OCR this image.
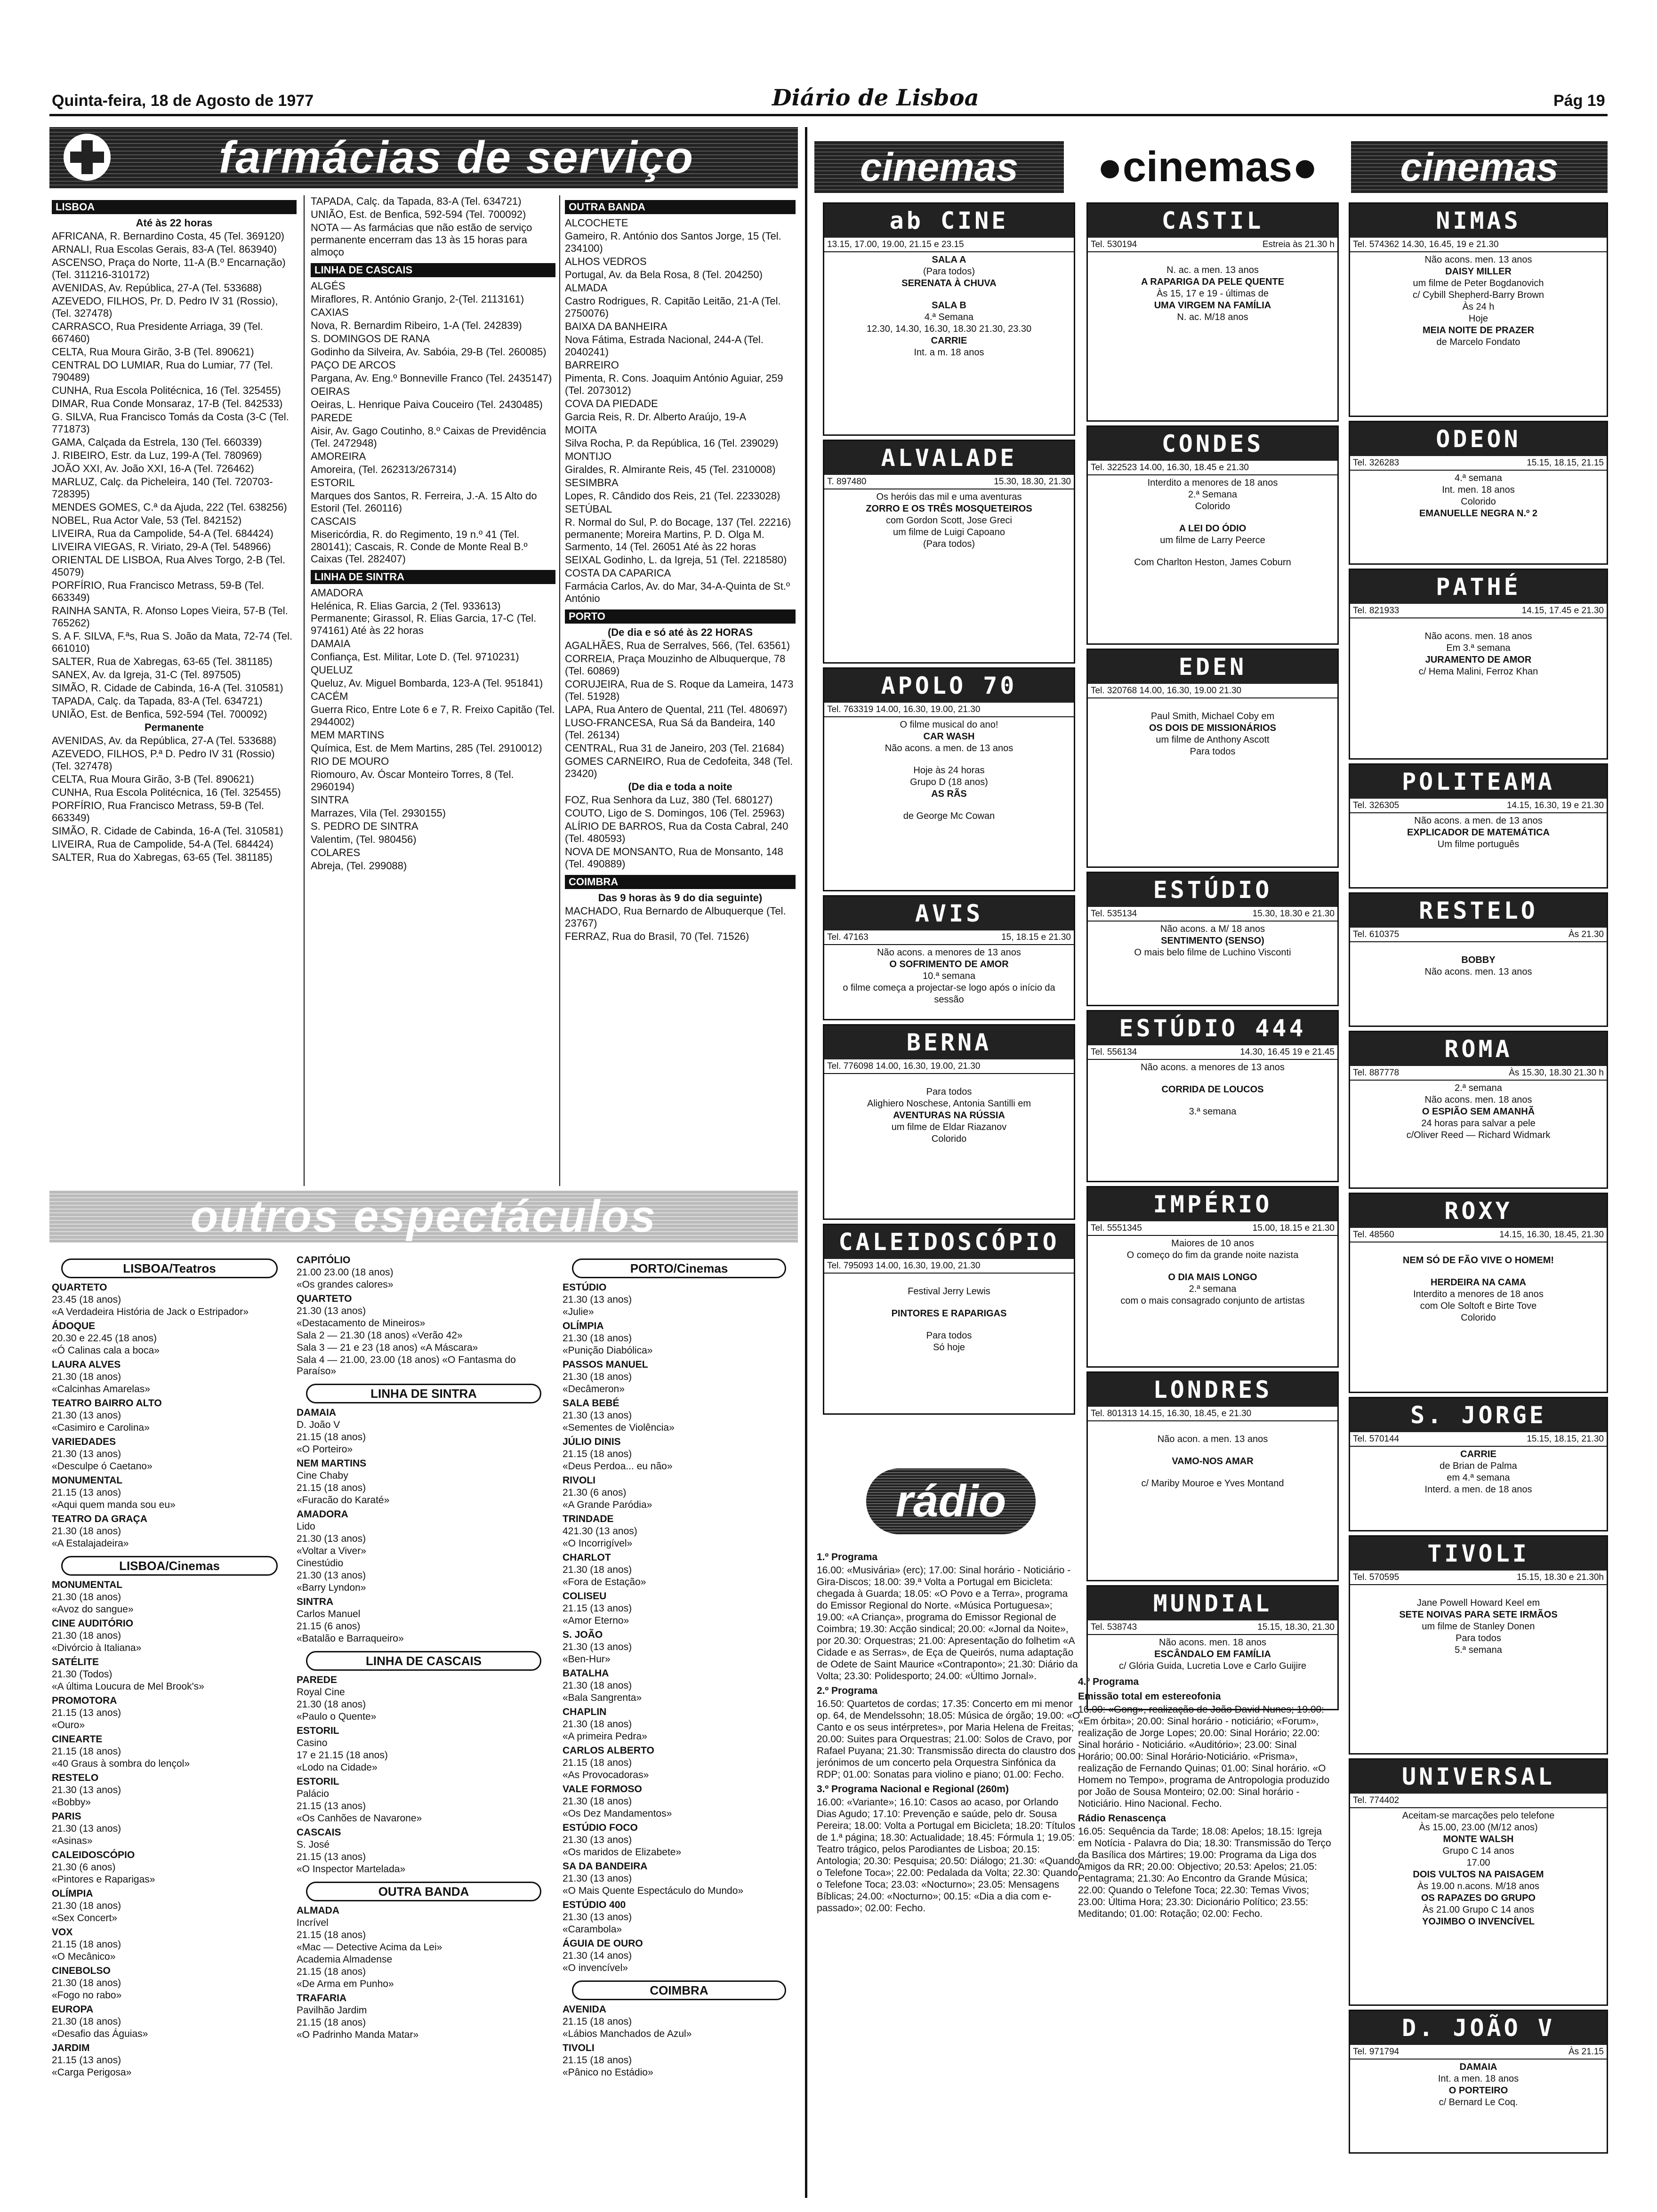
Quinta-feira, 18 de Agosto de 1977	Diário de Lisboa	Pág 19
farmácias de serviço
LISBOA

Até às 22 horas

AFRICANA, R. Bernardino Costa, 45 (Tel. 369120)

ARNALI, Rua Escolas Gerais, 83-A (Tel. 863940)

ASCENSO, Praça do Norte, 11-A (B.º Encarnação) (Tel. 311216-310172)

AVENIDAS, Av. República, 27-A (Tel. 533688)

AZEVEDO, FILHOS, Pr. D. Pedro IV 31 (Rossio), (Tel. 327478)

CARRASCO, Rua Presidente Arriaga, 39 (Tel. 667460)

CELTA, Rua Moura Girão, 3-B (Tel. 890621)

CENTRAL DO LUMIAR, Rua do Lumiar, 77 (Tel. 790489)

CUNHA, Rua Escola Politécnica, 16 (Tel. 325455)

DIMAR, Rua Conde Monsaraz, 17-B (Tel. 842533)

G. SILVA, Rua Francisco Tomás da Costa (3-C (Tel. 771873)

GAMA, Calçada da Estrela, 130 (Tel. 660339)

J. RIBEIRO, Estr. da Luz, 199-A (Tel. 780969)

JOÃO XXI, Av. João XXI, 16-A (Tel. 726462)

MARLUZ, Calç. da Picheleira, 140 (Tel. 720703-728395)

MENDES GOMES, C.ª da Ajuda, 222 (Tel. 638256)

NOBEL, Rua Actor Vale, 53 (Tel. 842152)

LIVEIRA, Rua da Campolide, 54-A (Tel. 684424)

LIVEIRA VIEGAS, R. Viriato, 29-A (Tel. 548966)

ORIENTAL DE LISBOA, Rua Alves Torgo, 2-B (Tel. 45079)

PORFÍRIO, Rua Francisco Metrass, 59-B (Tel. 663349)

RAINHA SANTA, R. Afonso Lopes Vieira, 57-B (Tel. 765262)

S. A F. SILVA, F.ªs, Rua S. João da Mata, 72-74 (Tel. 661010)

SALTER, Rua de Xabregas, 63-65 (Tel. 381185)

SANEX, Av. da Igreja, 31-C (Tel. 897505)

SIMÃO, R. Cidade de Cabinda, 16-A (Tel. 310581)

TAPADA, Calç. da Tapada, 83-A (Tel. 634721)

UNIÃO, Est. de Benfica, 592-594 (Tel. 700092)

Permanente

AVENIDAS, Av. da República, 27-A (Tel. 533688)

AZEVEDO, FILHOS, P.ª D. Pedro IV 31 (Rossio) (Tel. 327478)

CELTA, Rua Moura Girão, 3-B (Tel. 890621)

CUNHA, Rua Escola Politécnica, 16 (Tel. 325455)

PORFÍRIO, Rua Francisco Metrass, 59-B (Tel. 663349)

SIMÃO, R. Cidade de Cabinda, 16-A (Tel. 310581)

LIVEIRA, Rua de Campolide, 54-A (Tel. 684424)

SALTER, Rua do Xabregas, 63-65 (Tel. 381185)

TAPADA, Calç. da Tapada, 83-A (Tel. 634721)

UNIÃO, Est. de Benfica, 592-594 (Tel. 700092)

NOTA — As farmácias que não estão de serviço permanente encerram das 13 às 15 horas para almoço

LINHA DE CASCAIS

ALGÉS

Miraflores, R. António Granjo, 2-(Tel. 2113161)

CAXIAS

Nova, R. Bernardim Ribeiro, 1-A (Tel. 242839)

S. DOMINGOS DE RANA

Godinho da Silveira, Av. Sabóia, 29-B (Tel. 260085)

PAÇO DE ARCOS

Pargana, Av. Eng.º Bonneville Franco (Tel. 2435147)

OEIRAS

Oeiras, L. Henrique Paiva Couceiro (Tel. 2430485)

PAREDE

Aisir, Av. Gago Coutinho, 8.º Caixas de Previdência (Tel. 2472948)

AMOREIRA

Amoreira, (Tel. 262313/267314)

ESTORIL

Marques dos Santos, R. Ferreira, J.-A. 15 Alto do Estoril (Tel. 260116)

CASCAIS

Misericórdia, R. do Regimento, 19 n.º 41 (Tel. 280141); Cascais, R. Conde de Monte Real B.º Caixas (Tel. 282407)

LINHA DE SINTRA

AMADORA

Helénica, R. Elias Garcia, 2 (Tel. 933613) Permanente; Girassol, R. Elias Garcia, 17-C (Tel. 974161) Até às 22 horas

DAMAIA

Confiança, Est. Militar, Lote D. (Tel. 9710231)

QUELUZ

Queluz, Av. Miguel Bombarda, 123-A (Tel. 951841)

CACÉM

Guerra Rico, Entre Lote 6 e 7, R. Freixo Capitão (Tel. 2944002)

MEM MARTINS

Química, Est. de Mem Martins, 285 (Tel. 2910012)

RIO DE MOURO

Riomouro, Av. Óscar Monteiro Torres, 8 (Tel. 2960194)

SINTRA

Marrazes, Vila (Tel. 2930155)

S. PEDRO DE SINTRA

Valentim, (Tel. 980456)

COLARES

Abreja, (Tel. 299088)

OUTRA BANDA

ALCOCHETE

Gameiro, R. António dos Santos Jorge, 15 (Tel. 234100)

ALHOS VEDROS

Portugal, Av. da Bela Rosa, 8 (Tel. 204250)

ALMADA

Castro Rodrigues, R. Capitão Leitão, 21-A (Tel. 2750076)

BAIXA DA BANHEIRA

Nova Fátima, Estrada Nacional, 244-A (Tel. 2040241)

BARREIRO

Pimenta, R. Cons. Joaquim António Aguiar, 259 (Tel. 2073012)

COVA DA PIEDADE

Garcia Reis, R. Dr. Alberto Araújo, 19-A

MOITA

Silva Rocha, P. da República, 16 (Tel. 239029)

MONTIJO

Giraldes, R. Almirante Reis, 45 (Tel. 2310008)

SESIMBRA

Lopes, R. Cândido dos Reis, 21 (Tel. 2233028)

SETÚBAL

R. Normal do Sul, P. do Bocage, 137 (Tel. 22216) permanente; Moreira Martins, P. D. Olga M. Sarmento, 14 (Tel. 26051 Até às 22 horas

SEIXAL Godinho, L. da Igreja, 51 (Tel. 2218580)

COSTA DA CAPARICA

Farmácia Carlos, Av. do Mar, 34-A-Quinta de St.º António

PORTO

(De dia e só até às 22 HORAS

AGALHÃES, Rua de Serralves, 566, (Tel. 63561)

CORREIA, Praça Mouzinho de Albuquerque, 78 (Tel. 60869)

CORUJEIRA, Rua de S. Roque da Lameira, 1473 (Tel. 51928)

LAPA, Rua Antero de Quental, 211 (Tel. 480697)

LUSO-FRANCESA, Rua Sá da Bandeira, 140 (Tel. 26134)

CENTRAL, Rua 31 de Janeiro, 203 (Tel. 21684)

GOMES CARNEIRO, Rua de Cedofeita, 348 (Tel. 23420)

(De dia e toda a noite

FOZ, Rua Senhora da Luz, 380 (Tel. 680127)

COUTO, Ligo de S. Domingos, 106 (Tel. 25963)

ALÍRIO DE BARROS, Rua da Costa Cabral, 240 (Tel. 480593)

NOVA DE MONSANTO, Rua de Monsanto, 148 (Tel. 490889)

COIMBRA

Das 9 horas às 9 do dia seguinte)

MACHADO, Rua Bernardo de Albuquerque (Tel. 23767)

FERRAZ, Rua do Brasil, 70 (Tel. 71526)

outros espectáculos
LISBOA/Teatros

QUARTETO

23.45 (18 anos)

«A Verdadeira História de Jack o Estripador»

ÁDOQUE

20.30 e 22.45 (18 anos)

«Ó Calinas cala a boca»

LAURA ALVES

21.30 (18 anos)

«Calcinhas Amarelas»

TEATRO BAIRRO ALTO

21.30 (13 anos)

«Casimiro e Carolina»

VARIEDADES

21.30 (13 anos)

«Desculpe ó Caetano»

MONUMENTAL

21.15 (13 anos)

«Aqui quem manda sou eu»

TEATRO DA GRAÇA

21.30 (18 anos)

«A Estalajadeira»

LISBOA/Cinemas

MONUMENTAL

21.30 (18 anos)

«Avoz do sangue»

CINE AUDITÓRIO

21.30 (18 anos)

«Divórcio à Italiana»

SATÉLITE

21.30 (Todos)

«A última Loucura de Mel Brook's»

PROMOTORA

21.15 (13 anos)

«Ouro»

CINEARTE

21.15 (18 anos)

«40 Graus à sombra do lençol»

RESTELO

21.30 (13 anos)

«Bobby»

PARIS

21.30 (13 anos)

«Asinas»

CALEIDOSCÓPIO

21.30 (6 anos)

«Pintores e Raparigas»

OLÍMPIA

21.30 (18 anos)

«Sex Concert»

VOX

21.15 (18 anos)

«O Mecânico»

CINEBOLSO

21.30 (18 anos)

«Fogo no rabo»

EUROPA

21.30 (18 anos)

«Desafio das Águias»

JARDIM

21.15 (13 anos)

«Carga Perigosa»

CAPITÓLIO

21.00 23.00 (18 anos)

«Os grandes calores»

QUARTETO

21.30 (13 anos)

«Destacamento de Mineiros»

Sala 2 — 21.30 (18 anos) «Verão 42»

Sala 3 — 21 e 23 (18 anos) «A Máscara»

Sala 4 — 21.00, 23.00 (18 anos) «O Fantasma do Paraíso»

LINHA DE SINTRA

DAMAIA

D. João V

21.15 (18 anos)

«O Porteiro»

NEM MARTINS

Cine Chaby

21.15 (18 anos)

«Furacão do Karaté»

AMADORA

Lido

21.30 (13 anos)

«Voltar a Viver»

Cinestúdio

21.30 (13 anos)

«Barry Lyndon»

SINTRA

Carlos Manuel

21.15 (6 anos)

«Batalão e Barraqueiro»

LINHA DE CASCAIS

PAREDE

Royal Cine

21.30 (18 anos)

«Paulo o Quente»

ESTORIL

Casino

17 e 21.15 (18 anos)

«Lodo na Cidade»

ESTORIL

Palácio

21.15 (13 anos)

«Os Canhões de Navarone»

CASCAIS

S. José

21.15 (13 anos)

«O Inspector Martelada»

OUTRA BANDA

ALMADA

Incrível

21.15 (18 anos)

«Mac — Detective Acima da Lei»

Academia Almadense

21.15 (18 anos)

«De Arma em Punho»

TRAFARIA

Pavilhão Jardim

21.15 (18 anos)

«O Padrinho Manda Matar»

PORTO/Cinemas

ESTÚDIO

21.30 (13 anos)

«Julie»

OLÍMPIA

21.30 (18 anos)

«Punição Diabólica»

PASSOS MANUEL

21.30 (18 anos)

«Decâmeron»

SALA BEBÉ

21.30 (13 anos)

«Sementes de Violência»

JÚLIO DINIS

21.15 (18 anos)

«Deus Perdoa... eu não»

RIVOLI

21.30 (6 anos)

«A Grande Paródia»

TRINDADE

421.30 (13 anos)

«O Incorrigível»

CHARLOT

21.30 (18 anos)

«Fora de Estação»

COLISEU

21.15 (13 anos)

«Amor Eterno»

S. JOÃO

21.30 (13 anos)

«Ben-Hur»

BATALHA

21.30 (18 anos)

«Bala Sangrenta»

CHAPLIN

21.30 (18 anos)

«A primeira Pedra»

CARLOS ALBERTO

21.15 (18 anos)

«As Provocadoras»

VALE FORMOSO

21.30 (18 anos)

«Os Dez Mandamentos»

ESTÚDIO FOCO

21.30 (13 anos)

«Os maridos de Elizabete»

SA DA BANDEIRA

21.30 (13 anos)

«O Mais Quente Espectáculo do Mundo»

ESTÚDIO 400

21.30 (13 anos)

«Carambola»

ÁGUIA DE OURO

21.30 (14 anos)

«O invencível»

COIMBRA

AVENIDA

21.15 (18 anos)

«Lábios Manchados de Azul»

TIVOLI

21.15 (18 anos)

«Pânico no Estádio»

cinemas	●cinemas●	cinemas
ab CINE
13.15, 17.00, 19.00, 21.15 e 23.15
SALA A
(Para todos)
SERENATA À CHUVA
SALA B
4.ª Semana
12.30, 14.30, 16.30, 18.30 21.30, 23.30
CARRIE
Int. a m. 18 anos
ALVALADE
T. 897480	15.30, 18.30, 21.30
Os heróis das mil e uma aventuras
ZORRO E OS TRÊS MOSQUETEIROS
com Gordon Scott, Jose Greci
um filme de Luigi Capoano
(Para todos)
APOLO 70
Tel. 763319 14.00, 16.30, 19.00, 21.30
O filme musical do ano!
CAR WASH
Não acons. a men. de 13 anos
Hoje às 24 horas
Grupo D (18 anos)
AS RÃS
de George Mc Cowan
AVIS
Tel. 47163	15, 18.15 e 21.30
Não acons. a menores de 13 anos
O SOFRIMENTO DE AMOR
10.ª semana
o filme começa a projectar-se logo após o início da sessão
BERNA
Tel. 776098 14.00, 16.30, 19.00, 21.30
Para todos
Alighiero Noschese, Antonia Santilli em
AVENTURAS NA RÚSSIA
um filme de Eldar Riazanov
Colorido
CALEIDOSCÓPIO
Tel. 795093 14.00, 16.30, 19.00, 21.30
Festival Jerry Lewis
PINTORES E RAPARIGAS
Para todos
Só hoje
CASTIL
Tel. 530194	Estreia às 21.30 h
N. ac. a men. 13 anos
A RAPARIGA DA PELE QUENTE
Às 15, 17 e 19 - últimas de
UMA VIRGEM NA FAMÍLIA
N. ac. M/18 anos
CONDES
Tel. 322523 14.00, 16.30, 18.45 e 21.30
Interdito a menores de 18 anos
2.ª Semana
Colorido
A LEI DO ÓDIO
um filme de Larry Peerce
Com Charlton Heston, James Coburn
EDEN
Tel. 320768 14.00, 16.30, 19.00 21.30
Paul Smith, Michael Coby em
OS DOIS DE MISSIONÁRIOS
um filme de Anthony Ascott
Para todos
ESTÚDIO
Tel. 535134	15.30, 18.30 e 21.30
Não acons. a M/ 18 anos
SENTIMENTO (SENSO)
O mais belo filme de Luchino Visconti
ESTÚDIO 444
Tel. 556134	14.30, 16.45 19 e 21.45
Não acons. a menores de 13 anos
CORRIDA DE LOUCOS
3.ª semana
IMPÉRIO
Tel. 5551345	15.00, 18.15 e 21.30
Maiores de 10 anos
O começo do fim da grande noite nazista
O DIA MAIS LONGO
2.ª semana
com o mais consagrado conjunto de artistas
LONDRES
Tel. 801313 14.15, 16.30, 18.45, e 21.30
Não acon. a men. 13 anos
VAMO-NOS AMAR
c/ Mariby Mouroe e Yves Montand
MUNDIAL
Tel. 538743	15.15, 18.30, 21.30
Não acons. men. 18 anos
ESCÂNDALO EM FAMÍLIA
c/ Glória Guida, Lucretia Love e Carlo Guijire
NIMAS
Tel. 574362 14.30, 16.45, 19 e 21.30
Não acons. men. 13 anos
DAISY MILLER
um filme de Peter Bogdanovich
c/ Cybill Shepherd-Barry Brown
Às 24 h
Hoje
MEIA NOITE DE PRAZER
de Marcelo Fondato
ODEON
Tel. 326283	15.15, 18.15, 21.15
4.ª semana
Int. men. 18 anos
Colorido
EMANUELLE NEGRA N.º 2
PATHÉ
Tel. 821933	14.15, 17.45 e 21.30
Não acons. men. 18 anos
Em 3.ª semana
JURAMENTO DE AMOR
c/ Hema Malini, Ferroz Khan
POLITEAMA
Tel. 326305	14.15, 16.30, 19 e 21.30
Não acons. a men. de 13 anos
EXPLICADOR DE MATEMÁTICA
Um filme português
RESTELO
Tel. 610375	Às 21.30
BOBBY
Não acons. men. 13 anos
ROMA
Tel. 887778	Às 15.30, 18.30 21.30 h
2.ª semana
Não acons. men. 18 anos
O ESPIÃO SEM AMANHÃ
24 horas para salvar a pele
c/Oliver Reed — Richard Widmark
ROXY
Tel. 48560	14.15, 16.30, 18.45, 21.30
NEM SÓ DE FÃO VIVE O HOMEM!
HERDEIRA NA CAMA
Interdito a menores de 18 anos
com Ole Soltoft e Birte Tove
Colorido
S. JORGE
Tel. 570144	15.15, 18.15, 21.30
CARRIE
de Brian de Palma
em 4.ª semana
Interd. a men. de 18 anos
TIVOLI
Tel. 570595	15.15, 18.30 e 21.30h
Jane Powell Howard Keel em
SETE NOIVAS PARA SETE IRMÃOS
um filme de Stanley Donen
Para todos
5.ª semana
UNIVERSAL
Tel. 774402
Aceitam-se marcações pelo telefone
Às 15.00, 23.00 (M/12 anos)
MONTE WALSH
Grupo C 14 anos
17.00
DOIS VULTOS NA PAISAGEM
Às 19.00 n.acons. M/18 anos
OS RAPAZES DO GRUPO
Às 21.00 Grupo C 14 anos
YOJIMBO O INVENCÍVEL
D. JOÃO V
Tel. 971794	Às 21.15
DAMAIA
Int. a men. 18 anos
O PORTEIRO
c/ Bernard Le Coq.
rádio

1.º Programa

16.00: «Musivária» (erc); 17.00: Sinal horário - Noticiário - Gira-Discos; 18.00: 39.ª Volta a Portugal em Bicicleta: chegada à Guarda; 18.05: «O Povo e a Terra», programa do Emissor Regional do Norte. «Música Portuguesa»; 19.00: «A Criança», programa do Emissor Regional de Coimbra; 19.30: Acção sindical; 20.00: «Jornal da Noite», por 20.30: Orquestras; 21.00: Apresentação do folhetim «A Cidade e as Serras», de Eça de Queirós, numa adaptação de Odete de Saint Maurice «Contraponto»; 21.30: Diário da Volta; 23.30: Polidesporto; 24.00: «Último Jornal».

2.º Programa

16.50: Quartetos de cordas; 17.35: Concerto em mi menor op. 64, de Mendelssohn; 18.05: Música de órgão; 19.00: «O Canto e os seus intérpretes», por Maria Helena de Freitas; 20.00: Suites para Orquestras; 21.00: Solos de Cravo, por Rafael Puyana; 21.30: Transmissão directa do claustro dos jerónimos de um concerto pela Orquestra Sinfónica da RDP; 01.00: Sonatas para violino e piano; 01.00: Fecho.

3.º Programa Nacional e Regional (260m)

16.00: «Variante»; 16.10: Casos ao acaso, por Orlando Dias Agudo; 17.10: Prevenção e saúde, pelo dr. Sousa Pereira; 18.00: Volta a Portugal em Bicicleta; 18.20: Títulos de 1.ª página; 18.30: Actualidade; 18.45: Fórmula 1; 19.05: Teatro trágico, pelos Parodiantes de Lisboa; 20.15: Antologia; 20.30: Pesquisa; 20.50: Diálogo; 21.30: «Quando o Telefone Toca»; 22.00: Pedalada da Volta; 22.30: Quando o Telefone Toca; 23.03: «Nocturno»; 23.05: Mensagens Bíblicas; 24.00: «Nocturno»; 00.15: «Dia a dia com e-passado»; 02.00: Fecho.

4.º Programa

Emissão total em estereofonia

16.00: «Gong», realização de João David Nunes; 19.00: «Em órbita»; 20.00: Sinal horário - noticiário; «Forum», realização de Jorge Lopes; 20.00: Sinal Horário; 22.00: Sinal horário - Noticiário. «Auditório»; 23.00: Sinal Horário; 00.00: Sinal Horário-Noticiário. «Prisma», realização de Fernando Quinas; 01.00: Sinal horário. «O Homem no Tempo», programa de Antropologia produzido por João de Sousa Monteiro; 02.00: Sinal horário - Noticiário. Hino Nacional. Fecho.

Rádio Renascença

16.05: Sequência da Tarde; 18.08: Apelos; 18.15: Igreja em Notícia - Palavra do Dia; 18.30: Transmissão do Terço da Basílica dos Mártires; 19.00: Programa da Liga dos Amigos da RR; 20.00: Objectivo; 20.53: Apelos; 21.05: Pentagrama; 21.30: Ao Encontro da Grande Música; 22.00: Quando o Telefone Toca; 22.30: Temas Vivos; 23.00: Última Hora; 23.30: Dicionário Político; 23.55: Meditando; 01.00: Rotação; 02.00: Fecho.
